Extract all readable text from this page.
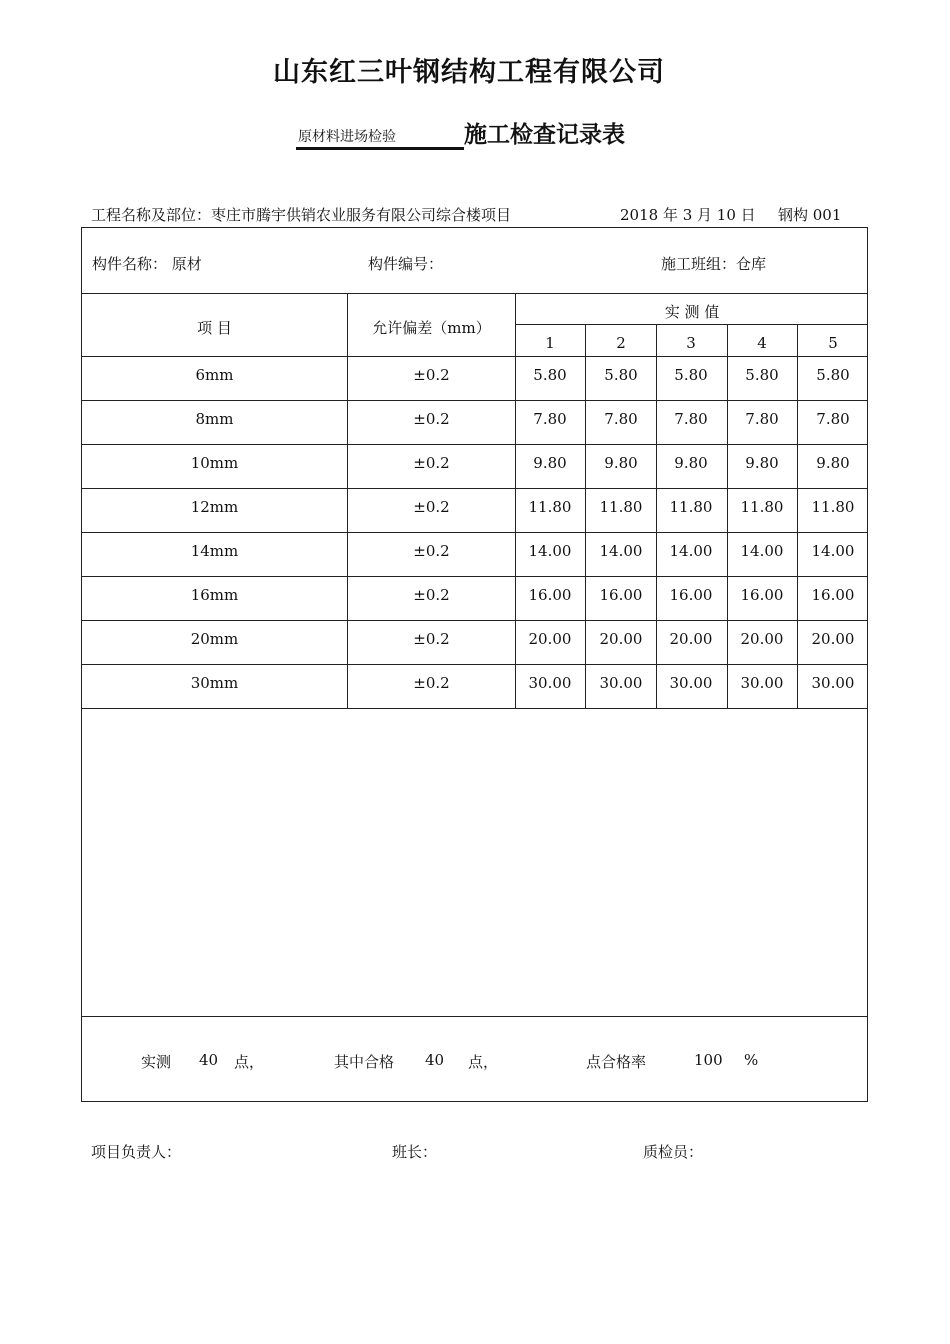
山东红三叶钢结构工程有限公司
原材料进场检验	施工检查记录表
工程名称及部位：枣庄市腾宇供销农业服务有限公司综合楼项目	2018 年 3 月 10 日 钢构 001
构件名称： 原材	构件编号：	施工班组：仓库
项 目	允许偏差（mm）
实 测 值
1	2	3	4	5
6mm	±0.2	5.80	5.80	5.80	5.80	5.80
8mm	±0.2	7.80	7.80	7.80	7.80	7.80
10mm	±0.2	9.80	9.80	9.80	9.80	9.80
12mm	±0.2	11.80	11.80	11.80	11.80	11.80
14mm	±0.2	14.00	14.00	14.00	14.00	14.00
16mm	±0.2	16.00	16.00	16.00	16.00	16.00
20mm	±0.2	20.00	20.00	20.00	20.00	20.00
30mm	±0.2	30.00	30.00	30.00	30.00	30.00
实测 40 点，	其中合格 40 点，	点合格率	100 %
项目负责人：	班长：	质检员：
